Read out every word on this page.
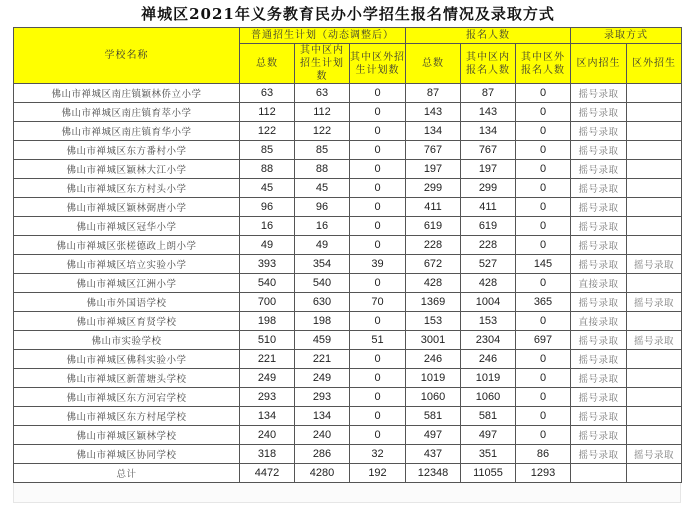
禅城区2021年义务教育民办小学招生报名情况及录取方式
学校名称	普通招生计划（动态调整后）			报名人数			录取方式	
	总数	其中区内招生计划数	其中区外招生计划数	总数	其中区内报名人数	其中区外报名人数	区内招生	区外招生
佛山市禅城区南庄镇颖林侨立小学	63	63	0	87	87	0	摇号录取	
佛山市禅城区南庄镇育萃小学	112	112	0	143	143	0	摇号录取	
佛山市禅城区南庄镇育华小学	122	122	0	134	134	0	摇号录取	
佛山市禅城区东方番村小学	85	85	0	767	767	0	摇号录取	
佛山市禅城区颖林大江小学	88	88	0	197	197	0	摇号录取	
佛山市禅城区东方村头小学	45	45	0	299	299	0	摇号录取	
佛山市禅城区颖林弼唐小学	96	96	0	411	411	0	摇号录取	
佛山市禅城区冠华小学	16	16	0	619	619	0	摇号录取	
佛山市禅城区张槎德政上朗小学	49	49	0	228	228	0	摇号录取	
佛山市禅城区培立实验小学	393	354	39	672	527	145	摇号录取	摇号录取
佛山市禅城区江洲小学	540	540	0	428	428	0	直接录取	
佛山市外国语学校	700	630	70	1369	1004	365	摇号录取	摇号录取
佛山市禅城区育贤学校	198	198	0	153	153	0	直接录取	
佛山市实验学校	510	459	51	3001	2304	697	摇号录取	摇号录取
佛山市禅城区佛科实验小学	221	221	0	246	246	0	摇号录取	
佛山市禅城区新蕾塘头学校	249	249	0	1019	1019	0	摇号录取	
佛山市禅城区东方河宕学校	293	293	0	1060	1060	0	摇号录取	
佛山市禅城区东方村尾学校	134	134	0	581	581	0	摇号录取	
佛山市禅城区颖林学校	240	240	0	497	497	0	摇号录取	
佛山市禅城区协同学校	318	286	32	437	351	86	摇号录取	摇号录取
总计	4472	4280	192	12348	11055	1293		
